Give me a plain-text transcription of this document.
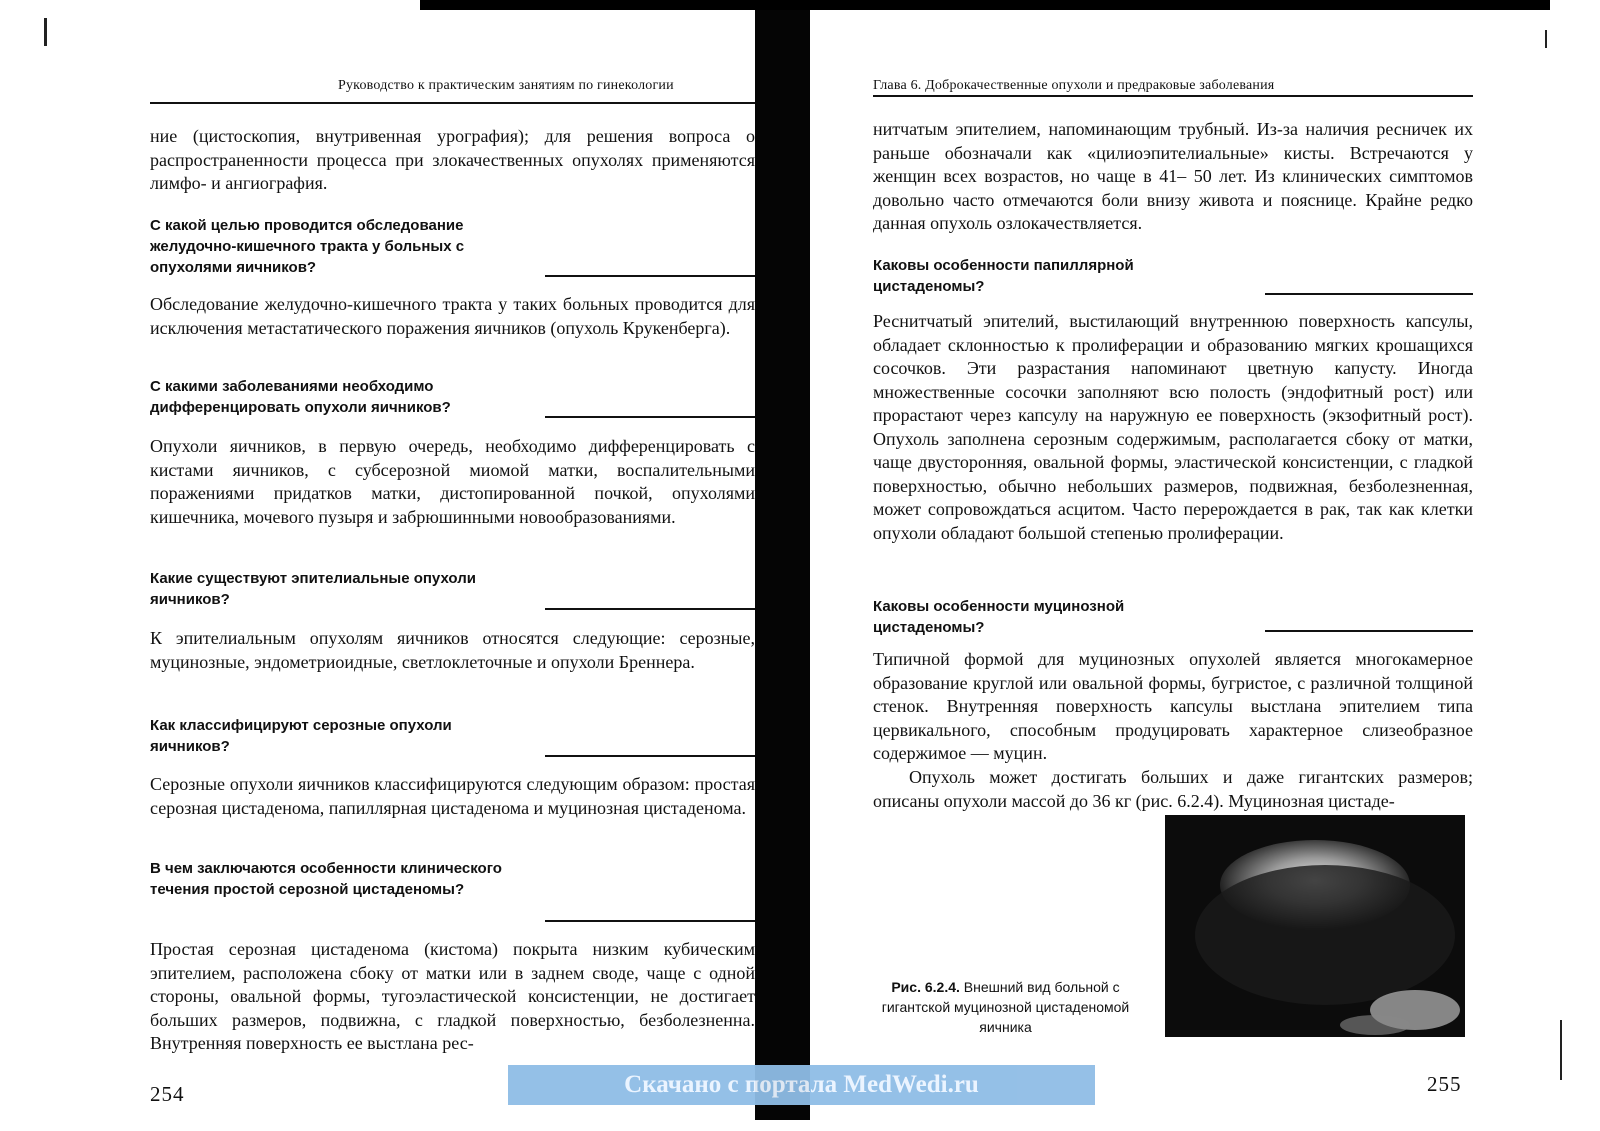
Руководство к практическим занятиям по гинекологии

ние (цистоскопия, внутривенная урография); для решения вопроса о распространенности процесса при злокачественных опухолях применяются лимфо- и ангиография.

С какой целью проводится обследование желудочно-кишечного тракта у больных с опухолями яичников?

Обследование желудочно-кишечного тракта у таких больных проводится для исключения метастатического поражения яичников (опухоль Крукенберга).

С какими заболеваниями необходимо дифференцировать опухоли яичников?

Опухоли яичников, в первую очередь, необходимо дифференцировать с кистами яичников, с субсерозной миомой матки, воспалительными поражениями придатков матки, дистопированной почкой, опухолями кишечника, мочевого пузыря и забрюшинными новообразованиями.

Какие существуют эпителиальные опухоли яичников?

К эпителиальным опухолям яичников относятся следующие: серозные, муцинозные, эндометриоидные, светлоклеточные и опухоли Бреннера.

Как классифицируют серозные опухоли яичников?

Серозные опухоли яичников классифицируются следующим образом: простая серозная цистаденома, папиллярная цистаденома и муцинозная цистаденома.

В чем заключаются особенности клинического течения простой серозной цистаденомы?

Простая серозная цистаденома (кистома) покрыта низким кубическим эпителием, расположена сбоку от матки или в заднем своде, чаще с одной стороны, овальной формы, тугоэластической консистенции, не достигает больших размеров, подвижна, с гладкой поверхностью, безболезненна. Внутренняя поверхность ее выстлана рес-

254
Глава 6. Доброкачественные опухоли и предраковые заболевания

нитчатым эпителием, напоминающим трубный. Из-за наличия ресничек их раньше обозначали как «цилиоэпителиальные» кисты. Встречаются у женщин всех возрастов, но чаще в 41– 50 лет. Из клинических симптомов довольно часто отмечаются боли внизу живота и пояснице. Крайне редко данная опухоль озлокачествляется.

Каковы особенности папиллярной цистаденомы?

Реснитчатый эпителий, выстилающий внутреннюю поверхность капсулы, обладает склонностью к пролиферации и образованию мягких крошащихся сосочков. Эти разрастания напоминают цветную капусту. Иногда множественные сосочки заполняют всю полость (эндофитный рост) или прорастают через капсулу на наружную ее поверхность (экзофитный рост). Опухоль заполнена серозным содержимым, располагается сбоку от матки, чаще двусторонняя, овальной формы, эластической консистенции, с гладкой поверхностью, обычно небольших размеров, подвижная, безболезненная, может сопровождаться асцитом. Часто перерождается в рак, так как клетки опухоли обладают большой степенью пролиферации.

Каковы особенности муцинозной цистаденомы?

Типичной формой для муцинозных опухолей является многокамерное образование круглой или овальной формы, бугристое, с различной толщиной стенок. Внутренняя поверхность капсулы выстлана эпителием типа цервикального, способным продуцировать характерное слизеобразное содержимое — муцин.

Опухоль может достигать больших и даже гигантских размеров; описаны опухоли массой до 36 кг (рис. 6.2.4). Муцинозная цистаде-

Рис. 6.2.4. Внешний вид больной с гигантской муцинозной цистаденомой яичника
255
Скачано с портала MedWedi.ru
